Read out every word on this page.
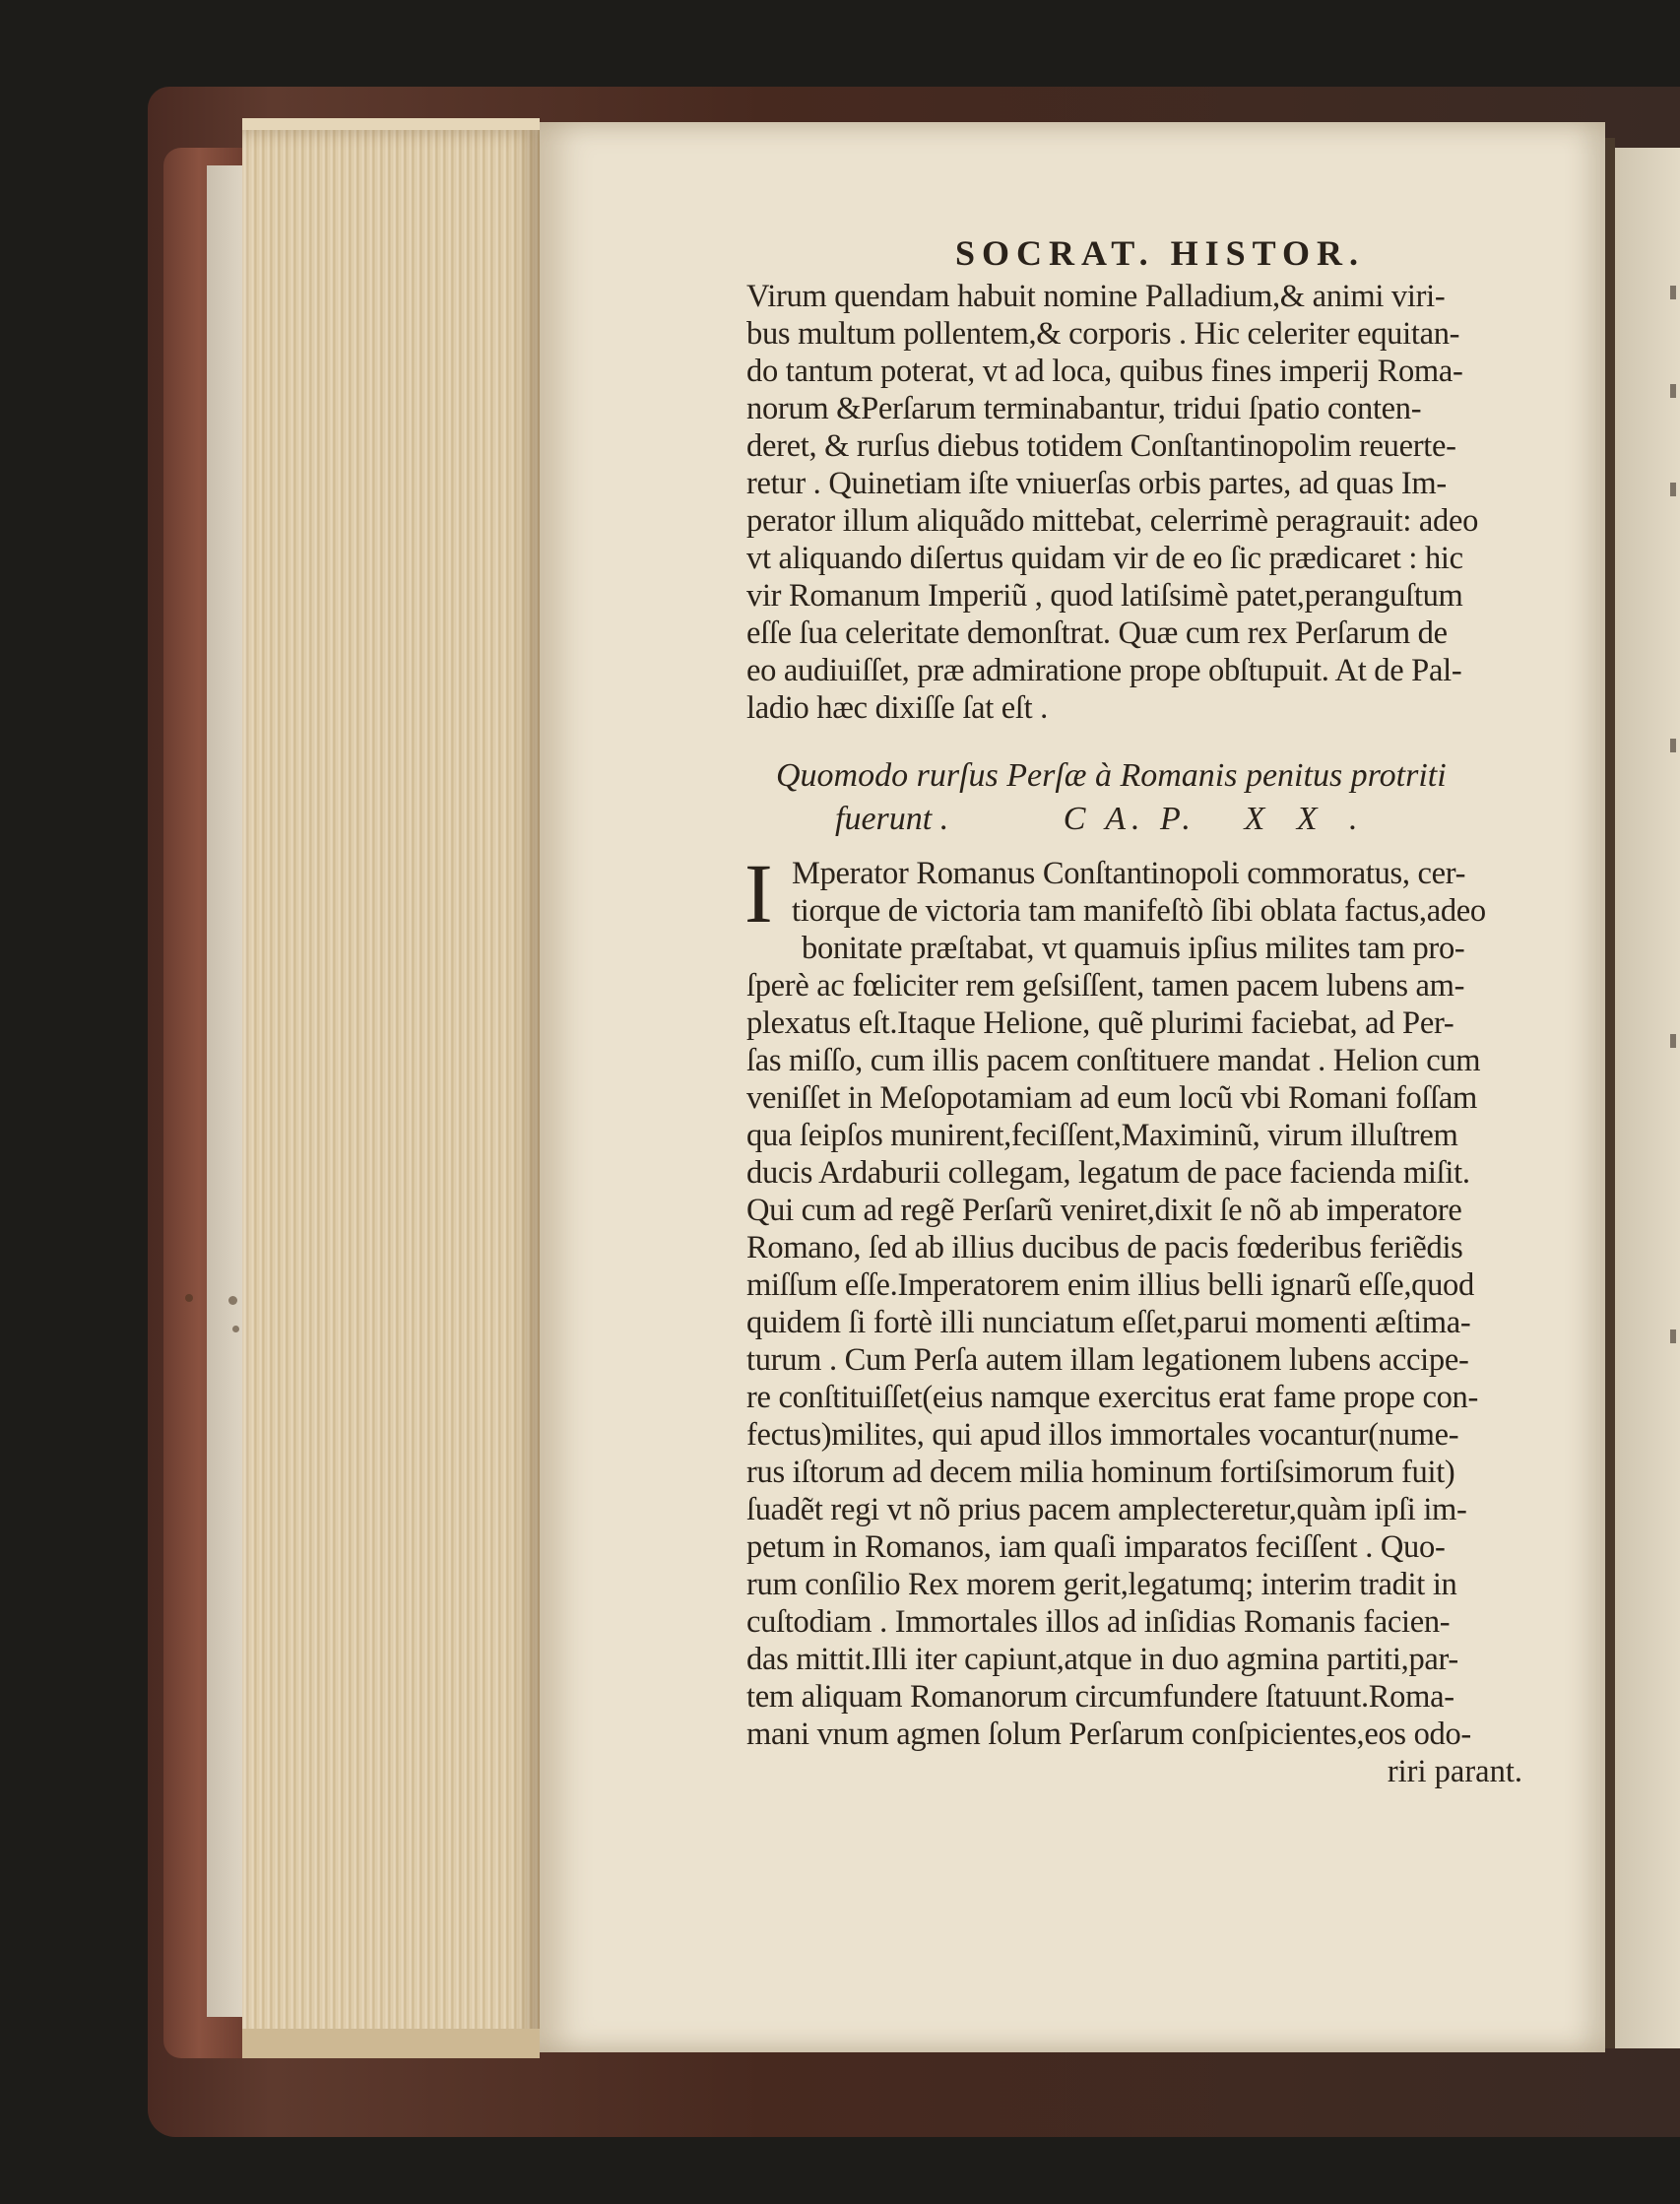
SOCRAT. HISTOR.
Virum quendam habuit nomine Palladium,& animi viri-
bus multum pollentem,& corporis . Hic celeriter equitan-
do tantum poterat, vt ad loca, quibus fines imperij Roma-
norum &Perſarum terminabantur, tridui ſpatio conten-
deret, & rurſus diebus totidem Conſtantinopolim reuerte-
retur . Quinetiam iſte vniuerſas orbis partes, ad quas Im-
perator illum aliquãdo mittebat, celerrimè peragrauit: adeo
vt aliquando diſertus quidam vir de eo ſic prædicaret : hic
vir Romanum Imperiũ , quod latiſsimè patet,peranguſtum
eſſe ſua celeritate demonſtrat. Quæ cum rex Perſarum de
eo audiuiſſet, præ admiratione prope obſtupuit. At de Pal-
ladio hæc dixiſſe ſat eſt .
Quomodo rurſus Perſæ à Romanis penitus protriti
fuerunt .	C A. P. X X .
I Mperator Romanus Conſtantinopoli commoratus, cer-
tiorque de victoria tam manifeſtò ſibi oblata factus,adeo
bonitate præſtabat, vt quamuis ipſius milites tam pro-
ſperè ac fœliciter rem geſsiſſent, tamen pacem lubens am-
plexatus eſt.Itaque Helione, quẽ plurimi faciebat, ad Per-
ſas miſſo, cum illis pacem conſtituere mandat . Helion cum
veniſſet in Meſopotamiam ad eum locũ vbi Romani foſſam
qua ſeipſos munirent,feciſſent,Maximinũ, virum illuſtrem
ducis Ardaburii collegam, legatum de pace facienda miſit.
Qui cum ad regẽ Perſarũ veniret,dixit ſe nõ ab imperatore
Romano, ſed ab illius ducibus de pacis fœderibus feriẽdis
miſſum eſſe.Imperatorem enim illius belli ignarũ eſſe,quod
quidem ſi fortè illi nunciatum eſſet,parui momenti æſtima-
turum . Cum Perſa autem illam legationem lubens accipe-
re conſtituiſſet(eius namque exercitus erat fame prope con-
fectus)milites, qui apud illos immortales vocantur(nume-
rus iſtorum ad decem milia hominum fortiſsimorum fuit)
ſuadẽt regi vt nõ prius pacem amplecteretur,quàm ipſi im-
petum in Romanos, iam quaſi imparatos feciſſent . Quo-
rum conſilio Rex morem gerit,legatumq; interim tradit in
cuſtodiam . Immortales illos ad inſidias Romanis facien-
das mittit.Illi iter capiunt,atque in duo agmina partiti,par-
tem aliquam Romanorum circumfundere ſtatuunt.Roma-
mani vnum agmen ſolum Perſarum conſpicientes,eos odo-
riri parant.
